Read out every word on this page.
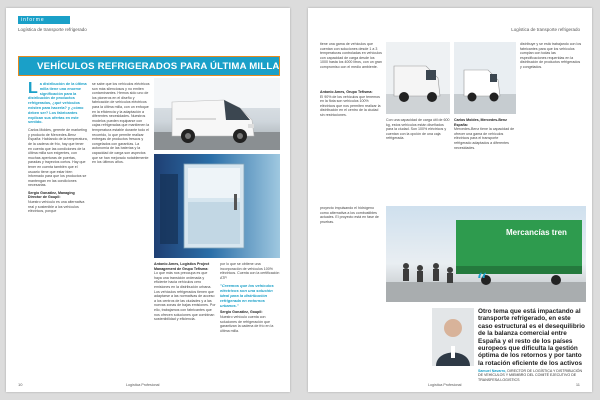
informe
Logística de transporte refrigerado
VEHÍCULOS REFRIGERADOS PARA ÚLTIMA MILLA
La distribución de la última milla tiene una enorme significación para la distribución de productos refrigerados, ¿qué vehículos existen para hacerla? y ¿cómo deben ser? Los fabricantes explican sus ofertas en este sentido.

Carlos Moldes, gerente de marketing y producto de Mercedes-Benz España: Hablando de la temperatura, de la cadena de frío, hay que tener en cuenta que las condiciones de la última milla son exigentes, con muchas aperturas de puertas, paradas y trayectos cortos. Hay que tener en cuenta también que el usuario tiene que estar bien informado para que los productos se mantengan en las condiciones necesarias.

Sergio González, Managing Director de Goupil:

Nuestro vehículo es una alternativa real y sostenible a los vehículos eléctricos, porque

se sabe que los vehículos eléctricos son más silenciosos y no emiten contaminantes. Hemos sido uno de los pioneros en el diseño y fabricación de vehículos eléctricos para la última milla, con un enfoque en la eficiencia y la adaptación a diferentes necesidades. Nuestros modelos pueden equiparse con cajas refrigeradas que mantienen la temperatura estable durante todo el recorrido, lo que permite realizar entregas de productos frescos y congelados con garantías. La autonomía de las baterías y la capacidad de carga son aspectos que se han mejorado notablemente en los últimos años.

Antonio Ames, Logistics Project Management de Grupo Tefisma:

Lo que más nos preocupa es que haya una transición ordenada y eficiente hacia vehículos cero emisiones en la distribución urbana. Los vehículos refrigerados tienen que adaptarse a las normativas de acceso a los centros de las ciudades y a las nuevas zonas de bajas emisiones. Por ello, trabajamos con fabricantes que nos ofrecen soluciones que combinan sostenibilidad y eficiencia.

por lo que se obtiene una incorporación de vehículos 100% eléctricos. Cuenta con la certificación ATP.

"Creemos que los vehículos eléctricos son una solución ideal para la distribución refrigerada en entornos urbanos."

Sergio González, Goupil:

Nuestro vehículo cuenta con soluciones de refrigeración que garantizan la cadena de frío en la última milla.

10	Logística Profesional
Logística de transporte refrigerado

tiene una gama de vehículos que cuentan con soluciones desde 1 a 3 temperaturas controladas en vehículos con capacidad de carga desde los 1000 hasta los 4000 litros, con un gran compromiso con el medio ambiente.

Antonio Ames, Grupo Tefisma:

El 90% de los vehículos que tenemos en la flota son vehículos 100% eléctricos que nos permiten realizar la distribución en el centro de la ciudad sin restricciones.

Con una capacidad de carga útil de 600 kg, estos vehículos están diseñados para la ciudad. Son 100% eléctricos y cuentan con la opción de una caja refrigerada.

Carlos Moldes, Mercedes-Benz España:

Mercedes-Benz tiene la capacidad de ofrecer una gama de vehículos eléctricos para el transporte refrigerado adaptados a diferentes necesidades.

distribuye y se está trabajando con los fabricantes para que los vehículos cumplan con todas las especificaciones requeridas en la distribución de productos refrigerados y congelados.

proyecto impulsando el hidrógeno como alternativa a los combustibles actuales. El proyecto está en fase de pruebas.

Mercancías tren
“
Otro tema que está impactando al transporte refrigerado, en este caso estructural es el desequilibrio de la balanza comercial entre España y el resto de los países europeos que dificulta la gestión óptima de los retornos y por tanto la rotación eficiente de los activos
Samuel Navarro, DIRECTOR DE LOGÍSTICA Y DISTRIBUCIÓN DE VEHÍCULOS Y MIEMBRO DEL COMITÉ EJECUTIVO DE TRANSFESA LOGISTICS
Logística Profesional	11
